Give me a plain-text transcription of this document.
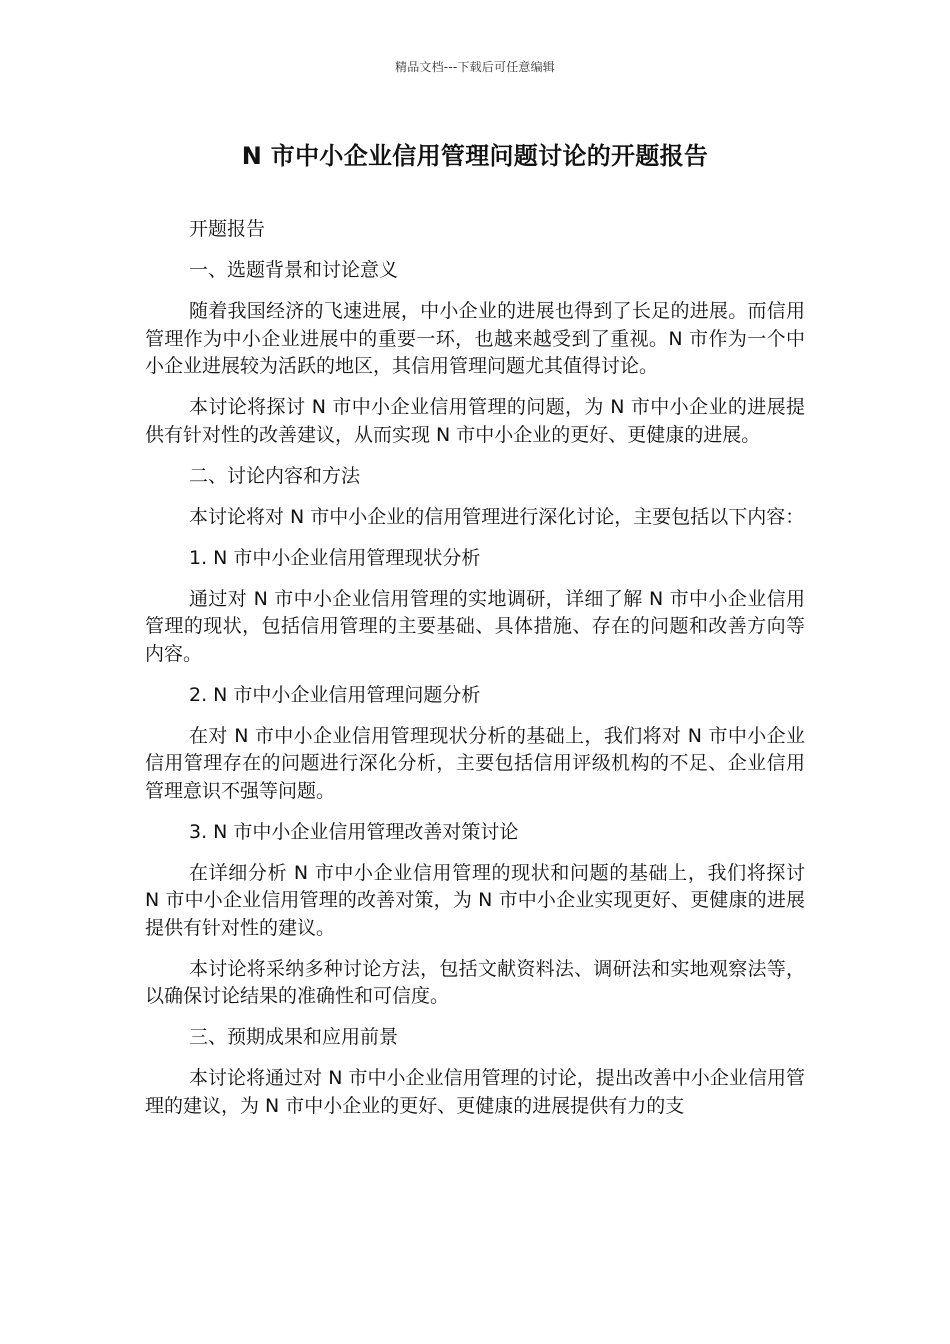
精品文档---下载后可任意编辑
N 市中小企业信用管理问题讨论的开题报告

开题报告

一、选题背景和讨论意义

随着我国经济的飞速进展，中小企业的进展也得到了长足的进展。而信用管理作为中小企业进展中的重要一环，也越来越受到了重视。N 市作为一个中小企业进展较为活跃的地区，其信用管理问题尤其值得讨论。

本讨论将探讨 N 市中小企业信用管理的问题，为 N 市中小企业的进展提供有针对性的改善建议，从而实现 N 市中小企业的更好、更健康的进展。

二、讨论内容和方法

本讨论将对 N 市中小企业的信用管理进行深化讨论，主要包括以下内容：

1. N 市中小企业信用管理现状分析

通过对 N 市中小企业信用管理的实地调研，详细了解 N 市中小企业信用管理的现状，包括信用管理的主要基础、具体措施、存在的问题和改善方向等内容。

2. N 市中小企业信用管理问题分析

在对 N 市中小企业信用管理现状分析的基础上，我们将对 N 市中小企业信用管理存在的问题进行深化分析，主要包括信用评级机构的不足、企业信用管理意识不强等问题。

3. N 市中小企业信用管理改善对策讨论

在详细分析 N 市中小企业信用管理的现状和问题的基础上，我们将探讨 N 市中小企业信用管理的改善对策，为 N 市中小企业实现更好、更健康的进展提供有针对性的建议。

本讨论将采纳多种讨论方法，包括文献资料法、调研法和实地观察法等，以确保讨论结果的准确性和可信度。

三、预期成果和应用前景

本讨论将通过对 N 市中小企业信用管理的讨论，提出改善中小企业信用管理的建议，为 N 市中小企业的更好、更健康的进展提供有力的支
